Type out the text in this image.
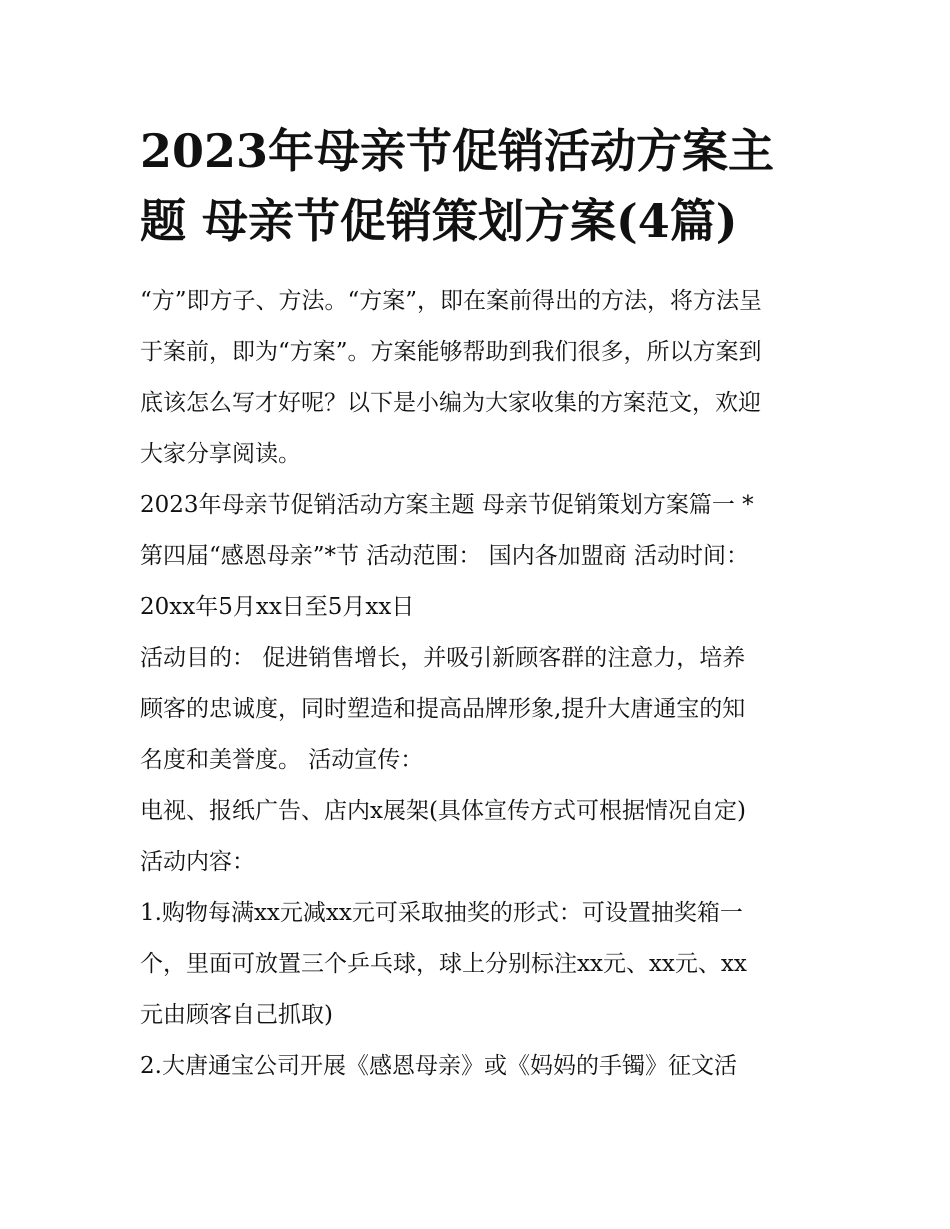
2023年母亲节促销活动方案主
题 母亲节促销策划方案(4篇)
“方”即方子、方法。“方案”，即在案前得出的方法，将方法呈
于案前，即为“方案”。方案能够帮助到我们很多，所以方案到
底该怎么写才好呢？以下是小编为大家收集的方案范文，欢迎
大家分享阅读。
2023年母亲节促销活动方案主题 母亲节促销策划方案篇一 *
第四届“感恩母亲”*节 活动范围： 国内各加盟商 活动时间：
20xx年5月xx日至5月xx日
活动目的： 促进销售增长，并吸引新顾客群的注意力，培养
顾客的忠诚度，同时塑造和提高品牌形象,提升大唐通宝的知
名度和美誉度。 活动宣传：
电视、报纸广告、店内x展架(具体宣传方式可根据情况自定)
活动内容：
1.购物每满xx元减xx元可采取抽奖的形式：可设置抽奖箱一
个，里面可放置三个乒乓球，球上分别标注xx元、xx元、xx
元由顾客自己抓取)
2.大唐通宝公司开展《感恩母亲》或《妈妈的手镯》征文活
